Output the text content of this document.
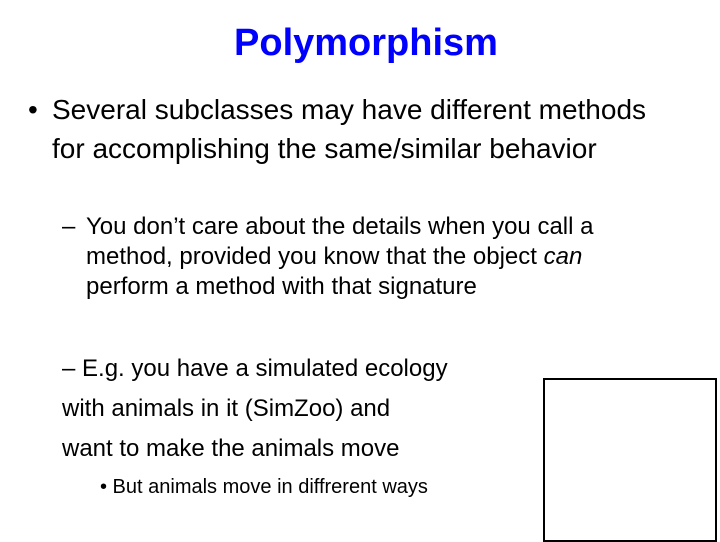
Polymorphism
• Several subclasses may have different methods for accomplishing the same/similar behavior
– You don’t care about the details when you call a method, provided you know that the object can perform a method with that signature
– E.g. you have a simulated ecology
with animals in it (SimZoo) and
want to make the animals move
• But animals move in diffrerent ways
